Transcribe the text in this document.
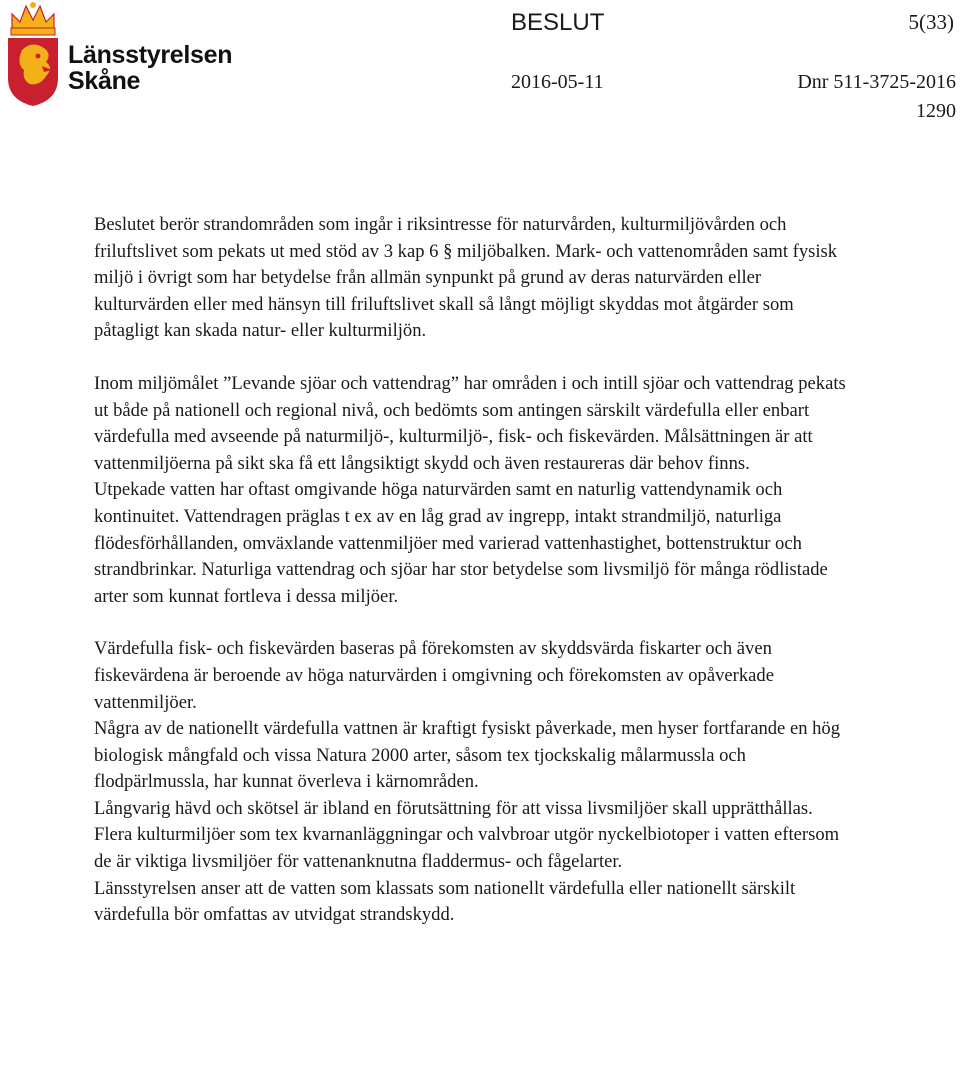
Länsstyrelsen
Skåne
BESLUT	5(33)
2016-05-11	Dnr 511-3725-2016
1290

Beslutet berör strandområden som ingår i riksintresse för naturvården, kulturmiljövården och friluftslivet som pekats ut med stöd av 3 kap 6 § miljöbalken. Mark- och vattenområden samt fysisk miljö i övrigt som har betydelse från allmän synpunkt på grund av deras naturvärden eller kulturvärden eller med hänsyn till friluftslivet skall så långt möjligt skyddas mot åtgärder som påtagligt kan skada natur- eller kulturmiljön.

Inom miljömålet ”Levande sjöar och vattendrag” har områden i och intill sjöar och vattendrag pekats ut både på nationell och regional nivå, och bedömts som antingen särskilt värdefulla eller enbart värdefulla med avseende på naturmiljö-, kulturmiljö-, fisk- och fiskevärden. Målsättningen är att vattenmiljöerna på sikt ska få ett långsiktigt skydd och även restaureras där behov finns.

Utpekade vatten har oftast omgivande höga naturvärden samt en naturlig vattendynamik och kontinuitet. Vattendragen präglas t ex av en låg grad av ingrepp, intakt strandmiljö, naturliga flödesförhållanden, omväxlande vattenmiljöer med varierad vattenhastighet, bottenstruktur och strandbrinkar. Naturliga vattendrag och sjöar har stor betydelse som livsmiljö för många rödlistade arter som kunnat fortleva i dessa miljöer.

Värdefulla fisk- och fiskevärden baseras på förekomsten av skyddsvärda fiskarter och även fiskevärdena är beroende av höga naturvärden i omgivning och förekomsten av opåverkade vattenmiljöer.

Några av de nationellt värdefulla vattnen är kraftigt fysiskt påverkade, men hyser fortfarande en hög biologisk mångfald och vissa Natura 2000 arter, såsom tex tjockskalig målarmussla och flodpärlmussla, har kunnat överleva i kärnområden.

Långvarig hävd och skötsel är ibland en förutsättning för att vissa livsmiljöer skall upprätthållas. Flera kulturmiljöer som tex kvarnanläggningar och valvbroar utgör nyckelbiotoper i vatten eftersom de är viktiga livsmiljöer för vattenanknutna fladdermus- och fågelarter.

Länsstyrelsen anser att de vatten som klassats som nationellt värdefulla eller nationellt särskilt värdefulla bör omfattas av utvidgat strandskydd.
